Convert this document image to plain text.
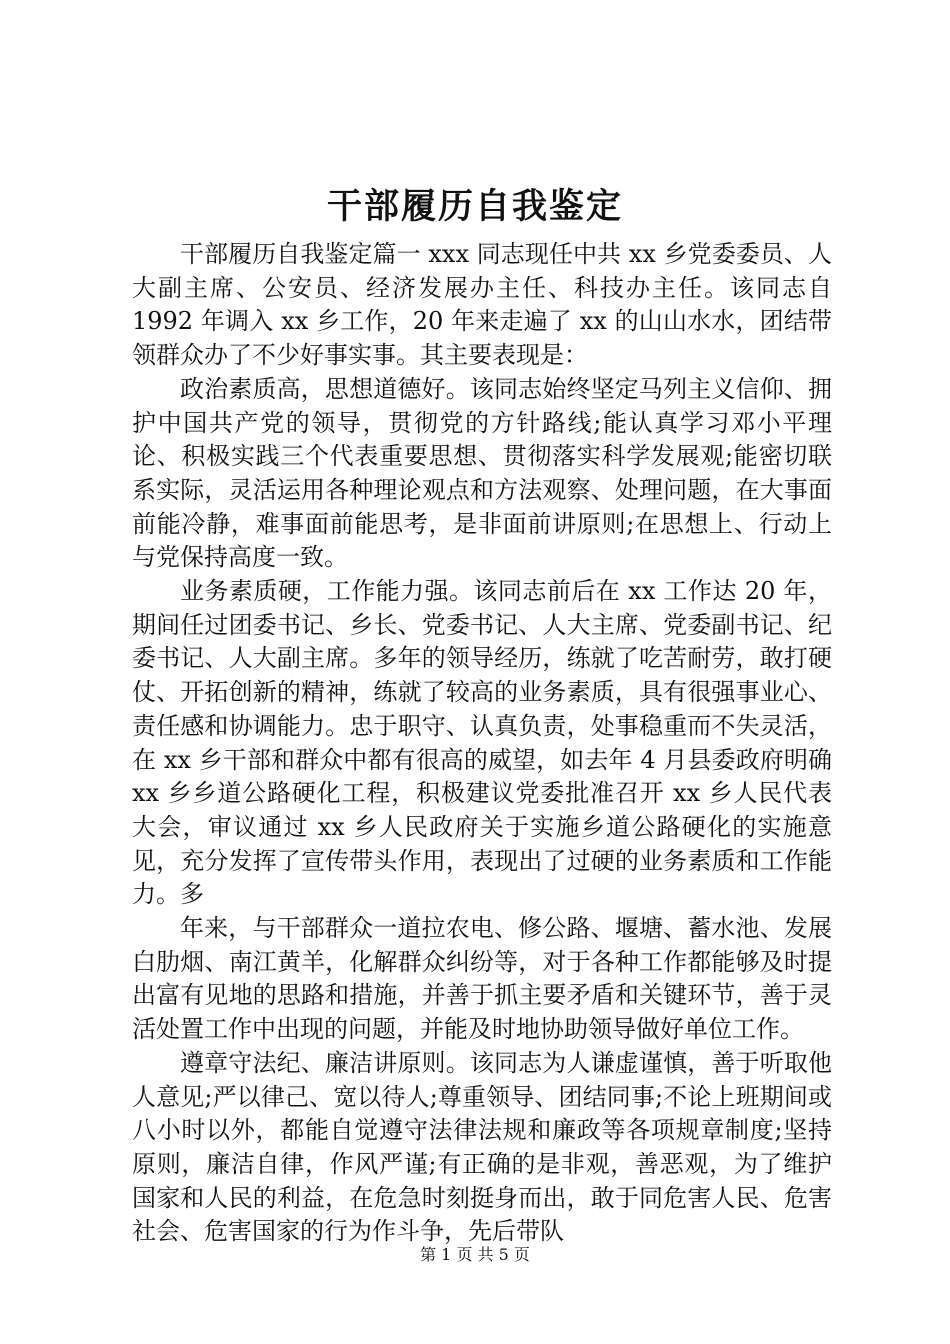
干部履历自我鉴定

干部履历自我鉴定篇一 xxx 同志现任中共 xx 乡党委委员、人大副主席、公安员、经济发展办主任、科技办主任。该同志自 1992 年调入 xx 乡工作，20 年来走遍了 xx 的山山水水，团结带领群众办了不少好事实事。其主要表现是：

政治素质高，思想道德好。该同志始终坚定马列主义信仰、拥护中国共产党的领导，贯彻党的方针路线;能认真学习邓小平理论、积极实践三个代表重要思想、贯彻落实科学发展观;能密切联系实际，灵活运用各种理论观点和方法观察、处理问题，在大事面前能冷静，难事面前能思考，是非面前讲原则;在思想上、行动上与党保持高度一致。

业务素质硬，工作能力强。该同志前后在 xx 工作达 20 年，期间任过团委书记、乡长、党委书记、人大主席、党委副书记、纪委书记、人大副主席。多年的领导经历，练就了吃苦耐劳，敢打硬仗、开拓创新的精神，练就了较高的业务素质，具有很强事业心、责任感和协调能力。忠于职守、认真负责，处事稳重而不失灵活，在 xx 乡干部和群众中都有很高的威望，如去年 4 月县委政府明确 xx 乡乡道公路硬化工程，积极建议党委批准召开 xx 乡人民代表大会，审议通过 xx 乡人民政府关于实施乡道公路硬化的实施意见，充分发挥了宣传带头作用，表现出了过硬的业务素质和工作能力。多

年来，与干部群众一道拉农电、修公路、堰塘、蓄水池、发展白肋烟、南江黄羊，化解群众纠纷等，对于各种工作都能够及时提出富有见地的思路和措施，并善于抓主要矛盾和关键环节，善于灵活处置工作中出现的问题，并能及时地协助领导做好单位工作。

遵章守法纪、廉洁讲原则。该同志为人谦虚谨慎，善于听取他人意见;严以律己、宽以待人;尊重领导、团结同事;不论上班期间或八小时以外，都能自觉遵守法律法规和廉政等各项规章制度;坚持原则，廉洁自律，作风严谨;有正确的是非观，善恶观，为了维护国家和人民的利益，在危急时刻挺身而出，敢于同危害人民、危害社会、危害国家的行为作斗争，先后带队

第 1 页 共 5 页
